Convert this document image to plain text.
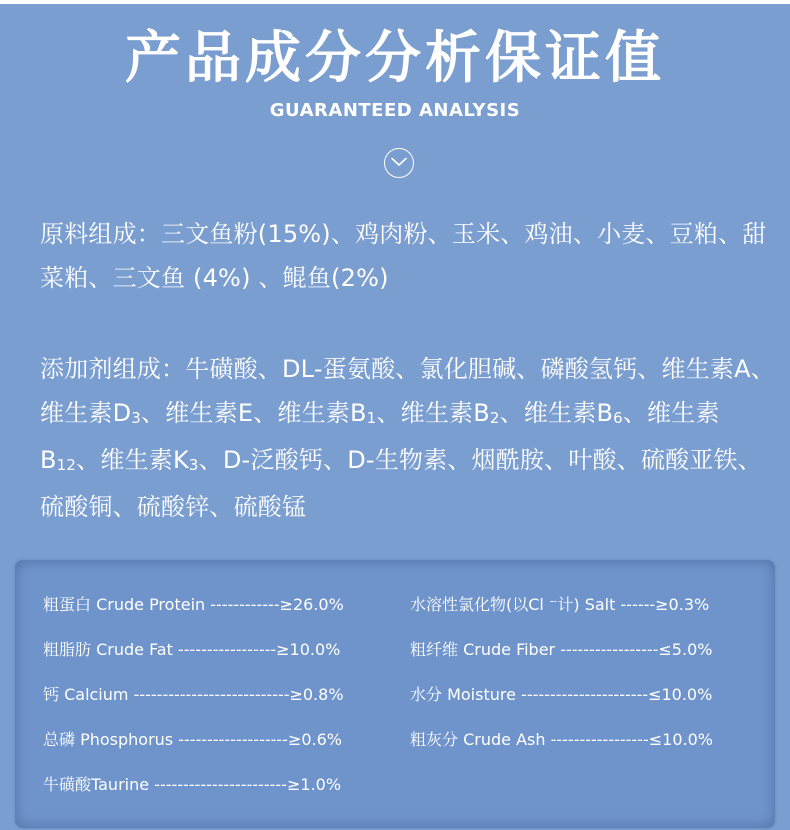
产品成分分析保证值
GUARANTEED ANALYSIS
原料组成：三文鱼粉(15%)、鸡肉粉、玉米、鸡油、小麦、豆粕、甜菜粕、三文鱼 (4%) 、鲲鱼(2%)
添加剂组成：牛磺酸、DL-蛋氨酸、氯化胆碱、磷酸氢钙、维生素A、维生素$D_3$、维生素E、维生素$B_1$、维生素$B_2$、维生素$B_6$、维生素$B_{12}$、维生素$K_3$、D-泛酸钙、D-生物素、烟酰胺、叶酸、硫酸亚铁、硫酸铜、硫酸锌、硫酸锰
粗蛋白 Crude Protein ------------≥26.0%
粗脂肪 Crude Fat -----------------≥10.0%
钙 Calcium ---------------------------≥0.8%
总磷 Phosphorus -------------------≥0.6%
牛磺酸Taurine -----------------------≥1.0%
水溶性氯化物(以Cl ⁻计) Salt ------≥0.3%
粗纤维 Crude Fiber -----------------≤5.0%
水分 Moisture ----------------------≤10.0%
粗灰分 Crude Ash -----------------≤10.0%
